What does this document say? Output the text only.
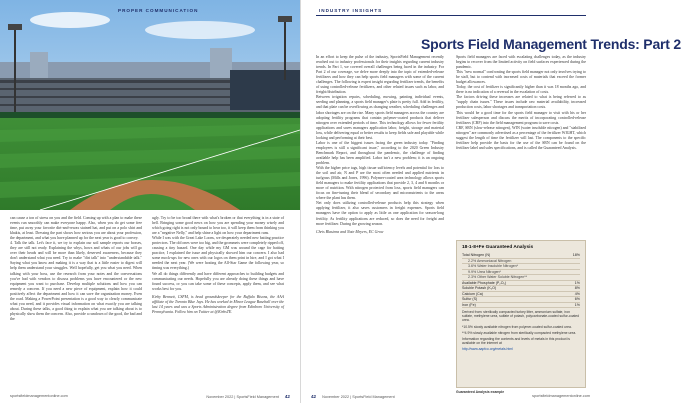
PROPER COMMUNICATION

can cause a ton of stress on you and the field. Coming up with a plan to make these events run smoothly can make everyone happy. Also, when you do get some free time, put away your favorite dirt-and-rewax stained hat, and put on a polo shirt and khakis, at least. Dressing the part shows how serious you are about your profession, the department, and what you have planned up for the next year is good to convey.

4. Talk the talk. Let's face it, we try to explain our soil sample reports our bosses, they are still not ready. Explaining the whys, hows and whats of our jobs will go over their heads and will be more than likely, deserved awareness, because they don't understand what you need. Try to make "dirt talk" into "understandable talk." Saying what you know and making it is a way that is a little easier to digest will help them understand your struggles. Well hopefully, get you what you need. When talking with your boss, use the research from your notes and the conversations you've had with vendors to discuss problems you have encountered or the new equipment you want to purchase. Develop multiple solutions and how you can remedy a concern. If you need a new piece of equipment, explain how it could positively affect the department and how it can save the organization money. Even the road. Making a PowerPoint presentation is a good way to clearly communicate what you need, and it provides visual information on what exactly you are talking about. During these talks, a good thing to explain what you are talking about is to physically show them the concern. Also, provide a rundown of the good, the bad and the

ugly. Try to be too broad there with what's broken or that everything is in a state of hell. Bringing some good news on how you are spending your money wisely and which going right is not only bound to hear too, it will keep them from thinking you are a "negative Nelly," and help shine a light on how your department runs.

While I was with the Great Lake Loons, we desperately needed new batting practice protectors. The old ones were too big, and the grommets were completely ripped off, causing a tiny hazard. One day while my GM was around the cage for batting practice, I explained the issue and physically showed him our concern. I also had some mock-ups for new ones with our logos on them print in hire, and I got what I needed the next year. (We were hosting the All-Star Game the following year, so timing was everything.)

We all do things differently and have different approaches to building budgets and communicating our needs. Hopefully you are already doing these things and have found success, or you can take some of these concepts, apply them, and see what works best for you.

Kirby Bennett, CSFM, is head groundskeeper for the Buffalo Bisons, the AAA affiliate of the Toronto Blue Jays. He has worked in Minor League Baseball over the last 14 years and was a Sports Administration degree from Edinboro University of Pennsylvania. Follow him on Twitter at @KirbsTE.

sportsfieldmanagementonline.com	November 2022 | SportsField Management 42
INDUSTRY INSIGHTS
Sports Field Management Trends: Part 2

In an effort to keep the pulse of the industry, SportsField Management recently reached out to industry professionals for their insights regarding current industry trends. In Part 1, we covered overall challenges being faced in the industry. For Part 2 of our coverage, we delve more deeply into the topic of extended-release fertilizers and how they can help sports field managers with some of the current challenges. The following is expert insight regarding fertilizer trends, the benefits of using controlled-release fertilizers, and other related issues such as labor, and freight/distribution.

Between irrigation repairs, scheduling, mowing, painting individual events, seeding and planning, a sports field manager's plate is pretty full. Add in fertility, and that plate can be overflowing as changing weather, scheduling challenges and labor shortages are on the rise. Many sports field managers across the country are adopting fertility programs that contain polymer-coated products that deliver nitrogen over extended periods of time. This technology allows for fewer fertility applications and saves managers application labor, freight, storage and material loss, while delivering equal or better results to keep fields safe and playable while looking and performing at their best.

Labor is one of the biggest issues facing the green industry today. "Finding employees is still a significant issue," according to the 2020 Green Industry Benchmark Report, and throughout the pandemic, the challenge of finding available help has been amplified. Labor isn't a new problem; it is an ongoing problem.

With the higher price tags, high tissue sufficiency levels and potential for loss to the soil and air, N and P are the most often needed and applied nutrients in turfgrass (Mills and Jones, 1996). Polymer-coated urea technology allows sports field managers to make fertility applications that provide 2, 3, 4 and 6 months or more of nutrition. With nitrogen protected from loss, sports field managers can focus on fine-tuning their blend of secondary and micronutrients to the areas where the plant has them.

Net only does utilizing controlled-release products help this strategy when applying fertilizer, it also saves customers in freight expenses. Sports field managers have the option to apply as little as one application for season-long fertility. As fertility applications are reduced, so does the need for freight and more fertilizer. During the growing season.

Chris Blasiena and Nate Meyers, EC Grow

Sports field managers are faced with escalating challenges today, as the industry begins to recover from the limited activity on field surfaces experienced during the pandemic.

This "new normal" confronting the sports field manager not only involves trying to be staff, but to contend with increased costs of materials that exceed the former budget allowances.

Today, the cost of fertilizer is significantly higher than it was 18 months ago, and there is no indication of a reversal in the escalation of costs.

The factors driving these increases are related to what is being referred to as "supply chain issues." These issues include raw material availability, increased production costs, labor shortages and transportation costs.

This would be a good time for the sports field manager to visit with his or her fertilizer salesperson and discuss the merits of incorporating controlled-release fertilizers (CRF) into the field management program to save costs.

CRF, SRN (slow-release nitrogen), WIN (water insoluble nitrogen) and "stabilized nitrogen" are commonly advertised as a percentage of the fertilizer WIGHT, which suggest the length of time the fertilizer will last. The components to the specific fertilizer help provide the basis for the use of the SRN can be found on the fertilizer label and sales specifications, and is called the Guaranteed Analysis.

18-1-8+Fe Guaranteed Analysis
Total Nitrogen (N)	18%
2.2% Ammoniacal Nitrogen
3.6% Water Insoluble Nitrogen*
9.9% Urea Nitrogen*
2.3% Other Water Soluble Nitrogen**
Available Phosphate (P₂O₅)	1%
Soluble Potash (K₂O)	8%
Calcium (Ca)	4%
Sulfur (S)	6%
Iron (Fe)	1%
Derived from: sterilically compacted turkey litter, ammonium sulfate, iron sulfate, methylene urea, sulfate of potash, polycarbonate-coated sulfur-coated urea.
*10.5% slowly available nitrogen from polymer-coated sulfur-coated urea.
**4.9% slowly available nitrogen from sterilically compacted methylene urea.
Information regarding the contents and levels of metals in this product is available on the internet at
http://www.aapfco.org/metals.html
Guaranteed Analysis example
42 November 2022 | SportsField Management	sportsfieldmanagementonline.com
